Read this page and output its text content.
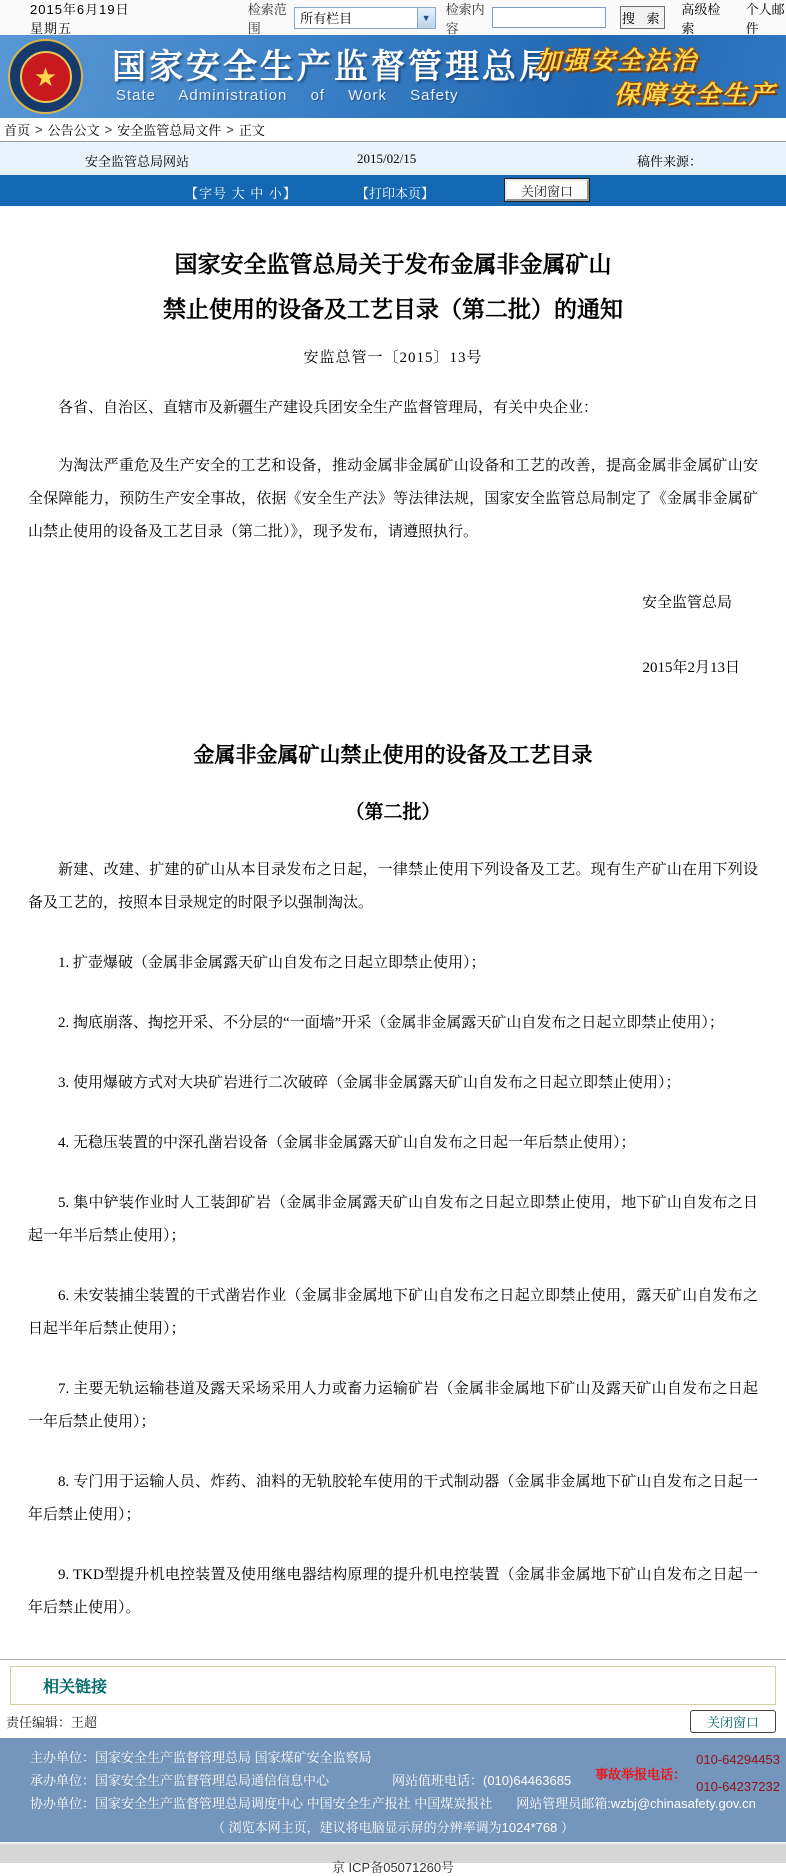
2015年6月19日星期五
检索范围
所有栏目	▼
检索内容
搜 索
高级检索
个人邮件
★	国家安全生产监督管理总局
State Administration of Work Safety
加强安全法治
保障安全生产
首页 > 公告公文 > 安全监管总局文件 > 正文
安全监管总局网站	2015/02/15	稿件来源：
【字号 大 中 小】	【打印本页】	关闭窗口
国家安全监管总局关于发布金属非金属矿山
禁止使用的设备及工艺目录（第二批）的通知
安监总管一〔2015〕13号

各省、自治区、直辖市及新疆生产建设兵团安全生产监督管理局，有关中央企业：

为淘汰严重危及生产安全的工艺和设备，推动金属非金属矿山设备和工艺的改善，提高金属非金属矿山安全保障能力，预防生产安全事故，依据《安全生产法》等法律法规，国家安全监管总局制定了《金属非金属矿山禁止使用的设备及工艺目录（第二批）》，现予发布，请遵照执行。

安全监管总局
2015年2月13日
金属非金属矿山禁止使用的设备及工艺目录
（第二批）

新建、改建、扩建的矿山从本目录发布之日起，一律禁止使用下列设备及工艺。现有生产矿山在用下列设备及工艺的，按照本目录规定的时限予以强制淘汰。

1. 扩壶爆破（金属非金属露天矿山自发布之日起立即禁止使用）；

2. 掏底崩落、掏挖开采、不分层的“一面墙”开采（金属非金属露天矿山自发布之日起立即禁止使用）；

3. 使用爆破方式对大块矿岩进行二次破碎（金属非金属露天矿山自发布之日起立即禁止使用）；

4. 无稳压装置的中深孔凿岩设备（金属非金属露天矿山自发布之日起一年后禁止使用）；

5. 集中铲装作业时人工装卸矿岩（金属非金属露天矿山自发布之日起立即禁止使用，地下矿山自发布之日起一年半后禁止使用）；

6. 未安装捕尘装置的干式凿岩作业（金属非金属地下矿山自发布之日起立即禁止使用，露天矿山自发布之日起半年后禁止使用）；

7. 主要无轨运输巷道及露天采场采用人力或畜力运输矿岩（金属非金属地下矿山及露天矿山自发布之日起一年后禁止使用）；

8. 专门用于运输人员、炸药、油料的无轨胶轮车使用的干式制动器（金属非金属地下矿山自发布之日起一年后禁止使用）；

9. TKD型提升机电控装置及使用继电器结构原理的提升机电控装置（金属非金属地下矿山自发布之日起一年后禁止使用）。

相关链接
责任编辑：王超	关闭窗口
主办单位：国家安全生产监督管理总局 国家煤矿安全监察局
承办单位：国家安全生产监督管理总局通信信息中心	网站值班电话：(010)64463685
协办单位：国家安全生产监督管理总局调度中心 中国安全生产报社 中国煤炭报社 网站管理员邮箱:wzbj@chinasafety.gov.cn
（ 浏览本网主页，建议将电脑显示屏的分辨率调为1024*768 ）
事故举报电话：
010-64294453
010-64237232
京 ICP备05071260号
